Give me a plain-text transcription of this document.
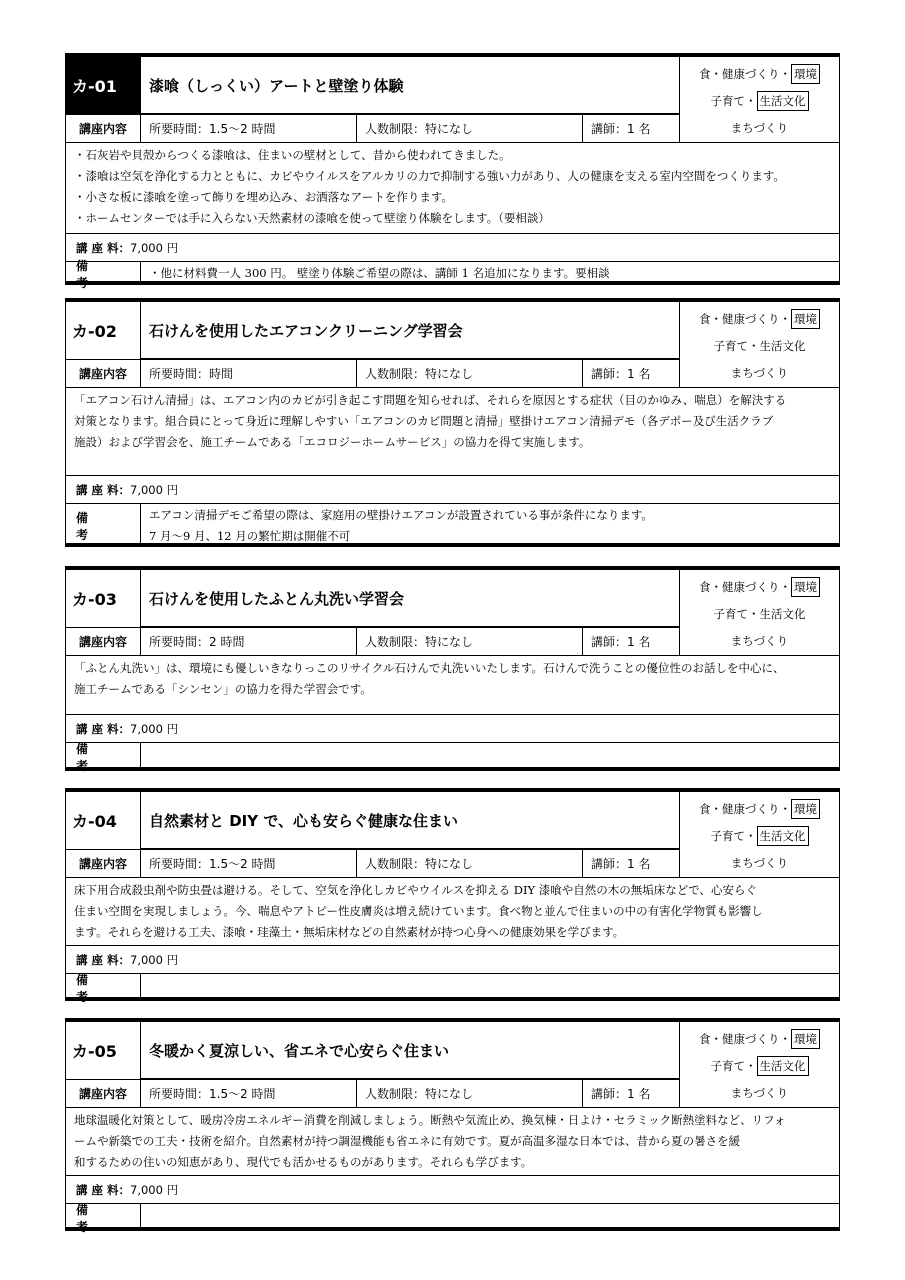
カ-01	漆喰（しっくい）アートと壁塗り体験
食・健康づくり・ 環境
子育て・ 生活文化
まちづくり
講座内容	所要時間：1.5～2 時間	人数制限：特になし	講師：1 名
・石灰岩や貝殻からつくる漆喰は、住まいの壁材として、昔から使われてきました。
・漆喰は空気を浄化する力とともに、カビやウイルスをアルカリの力で抑制する強い力があり、人の健康を支える室内空間をつくります。
・小さな板に漆喰を塗って飾りを埋め込み、お洒落なアートを作ります。
・ホームセンターでは手に入らない天然素材の漆喰を使って壁塗り体験をします。（要相談）
講 座 料： 7,000 円
備 考
・他に材料費一人 300 円。 壁塗り体験ご希望の際は、講師 1 名追加になります。要相談
カ-02	石けんを使用したエアコンクリーニング学習会
食・健康づくり・ 環境
子育て・生活文化
まちづくり
講座内容	所要時間：時間	人数制限：特になし	講師：1 名
「エアコン石けん清掃」は、エアコン内のカビが引き起こす問題を知らせれば、それらを原因とする症状（目のかゆみ、喘息）を解決する
対策となります。組合員にとって身近に理解しやすい「エアコンのカビ問題と清掃」壁掛けエアコン清掃デモ（各デポー及び生活クラブ
施設）および学習会を、施工チームである「エコロジーホームサービス」の協力を得て実施します。
講 座 料： 7,000 円
備 考
エアコン清掃デモご希望の際は、家庭用の壁掛けエアコンが設置されている事が条件になります。
7 月～9 月、12 月の繁忙期は開催不可
カ-03	石けんを使用したふとん丸洗い学習会
食・健康づくり・ 環境
子育て・生活文化
まちづくり
講座内容	所要時間：2 時間	人数制限：特になし	講師：1 名
「ふとん丸洗い」は、環境にも優しいきなりっこのリサイクル石けんで丸洗いいたします。石けんで洗うことの優位性のお話しを中心に、
施工チームである「シンセン」の協力を得た学習会です。
講 座 料： 7,000 円
備 考
カ-04	自然素材と DIY で、心も安らぐ健康な住まい
食・健康づくり・ 環境
子育て・ 生活文化
まちづくり
講座内容	所要時間：1.5～2 時間	人数制限：特になし	講師：1 名
床下用合成殺虫剤や防虫畳は避ける。そして、空気を浄化しカビやウイルスを抑える DIY 漆喰や自然の木の無垢床などで、心安らぐ
住まい空間を実現しましょう。今、喘息やアトピー性皮膚炎は増え続けています。食べ物と並んで住まいの中の有害化学物質も影響し
ます。それらを避ける工夫、漆喰・珪藻土・無垢床材などの自然素材が持つ心身への健康効果を学びます。
講 座 料： 7,000 円
備 考
カ-05	冬暖かく夏涼しい、省エネで心安らぐ住まい
食・健康づくり・ 環境
子育て・ 生活文化
まちづくり
講座内容	所要時間：1.5～2 時間	人数制限：特になし	講師：1 名
地球温暖化対策として、暖房冷房エネルギー消費を削減しましょう。断熱や気流止め、換気棟・日よけ・セラミック断熱塗料など、リフォ
ームや新築での工夫・技術を紹介。自然素材が持つ調湿機能も省エネに有効です。夏が高温多湿な日本では、昔から夏の暑さを緩
和するための住いの知恵があり、現代でも活かせるものがあります。それらも学びます。
講 座 料： 7,000 円
備 考
